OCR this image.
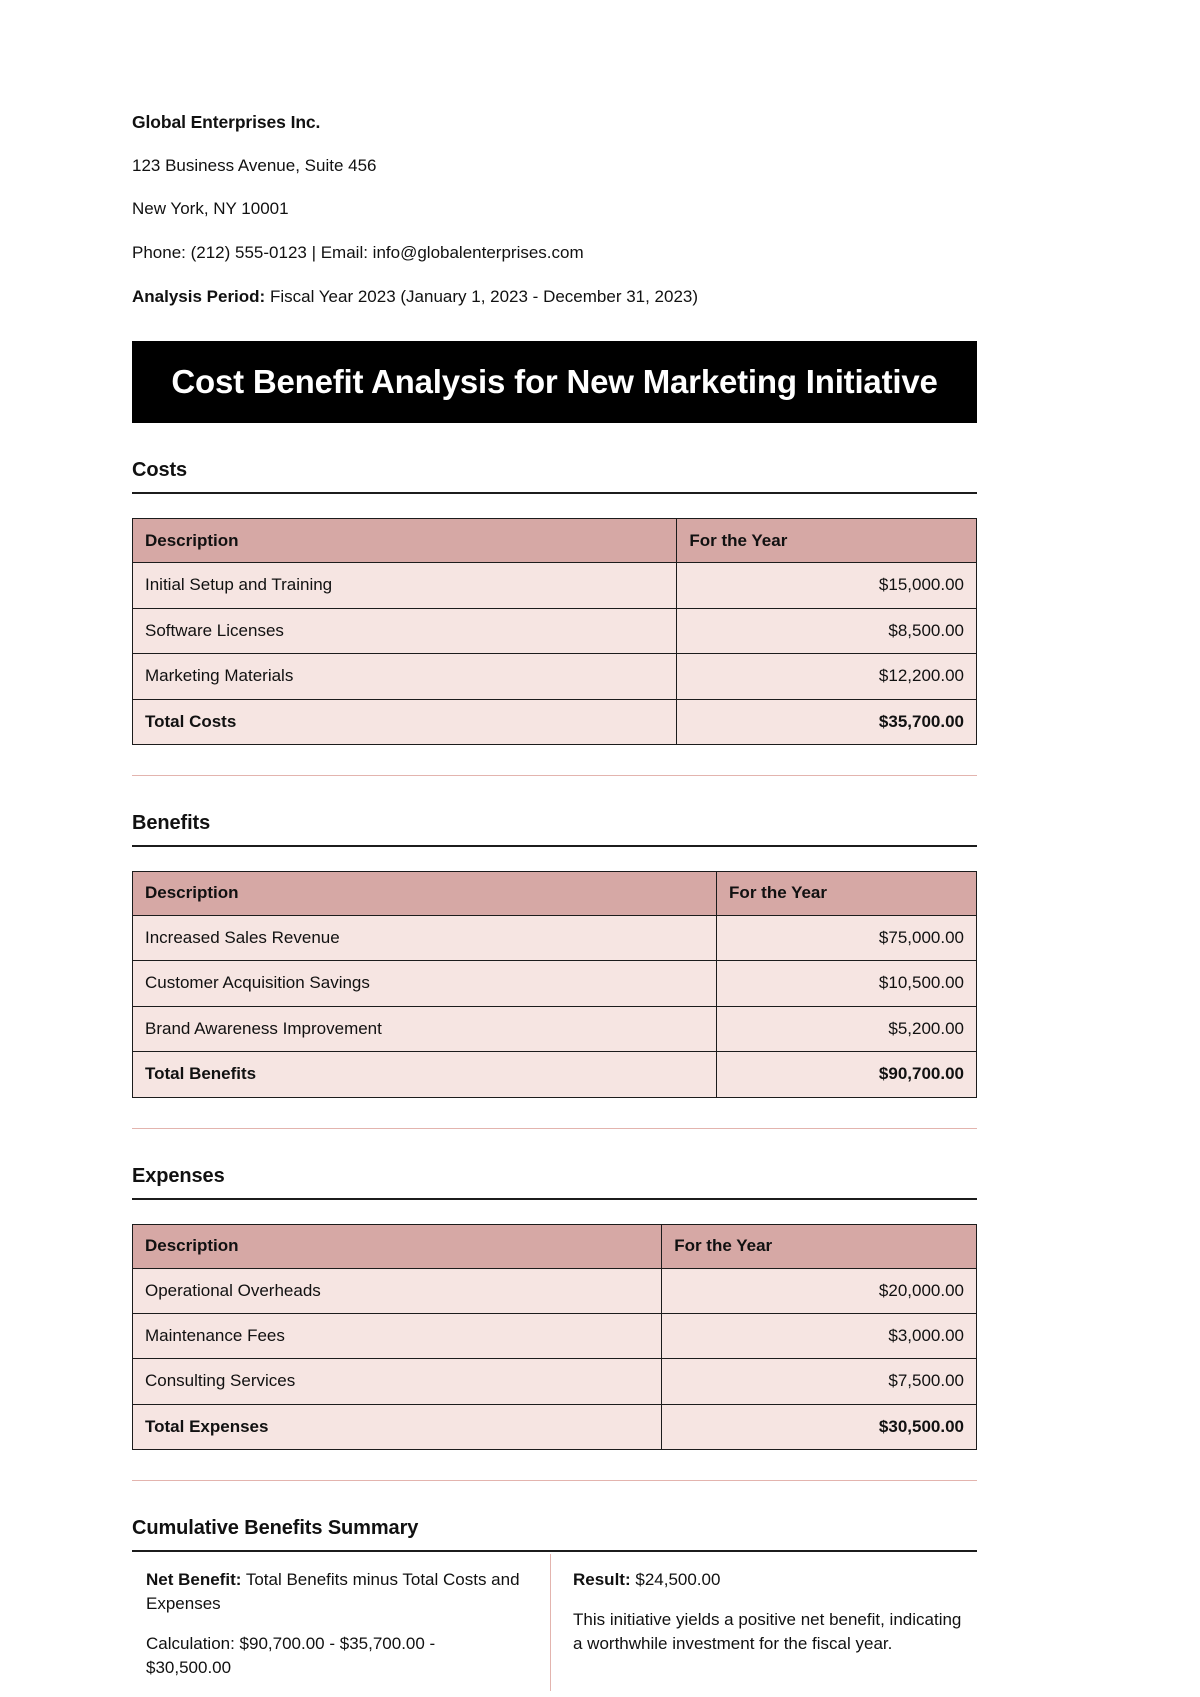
Global Enterprises Inc.
123 Business Avenue, Suite 456
New York, NY 10001
Phone: (212) 555-0123 | Email: info@globalenterprises.com
Analysis Period: Fiscal Year 2023 (January 1, 2023 - December 31, 2023)
Cost Benefit Analysis for New Marketing Initiative
Costs
Description	For the Year
Initial Setup and Training	$15,000.00
Software Licenses	$8,500.00
Marketing Materials	$12,200.00
Total Costs	$35,700.00
Benefits
Description	For the Year
Increased Sales Revenue	$75,000.00
Customer Acquisition Savings	$10,500.00
Brand Awareness Improvement	$5,200.00
Total Benefits	$90,700.00
Expenses
Description	For the Year
Operational Overheads	$20,000.00
Maintenance Fees	$3,000.00
Consulting Services	$7,500.00
Total Expenses	$30,500.00
Cumulative Benefits Summary

Net Benefit: Total Benefits minus Total Costs and Expenses

Calculation: $90,700.00 - $35,700.00 - $30,500.00

Result: $24,500.00

This initiative yields a positive net benefit, indicating a worthwhile investment for the fiscal year.
